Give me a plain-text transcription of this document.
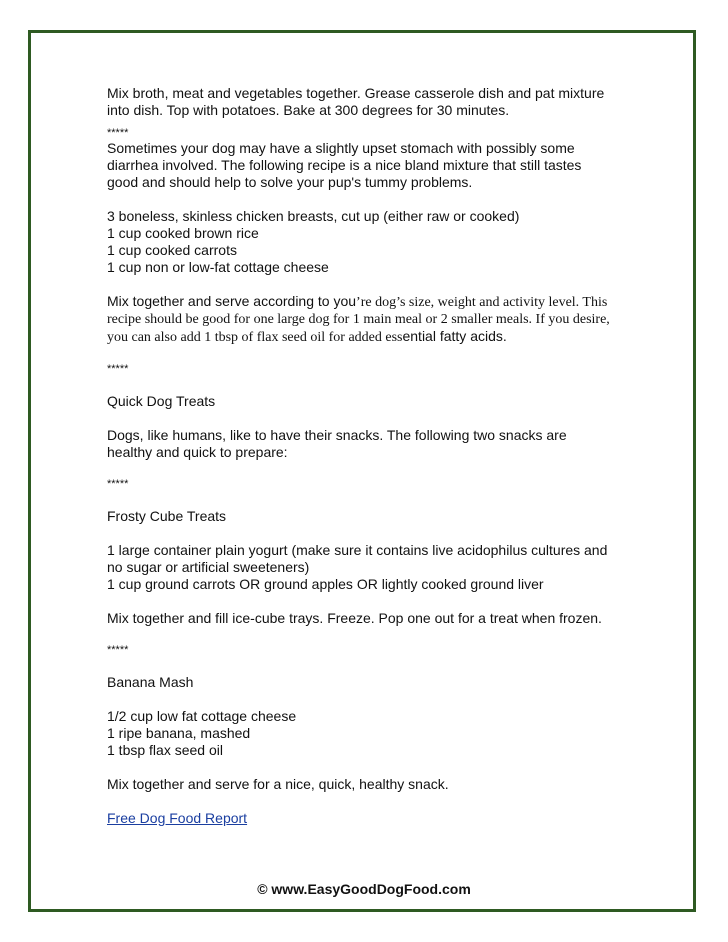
Mix broth, meat and vegetables together. Grease casserole dish and pat mixture

into dish. Top with potatoes. Bake at 300 degrees for 30 minutes.

*****

Sometimes your dog may have a slightly upset stomach with possibly some

diarrhea involved. The following recipe is a nice bland mixture that still tastes

good and should help to solve your pup's tummy problems.

3 boneless, skinless chicken breasts, cut up (either raw or cooked)

1 cup cooked brown rice

1 cup cooked carrots

1 cup non or low-fat cottage cheese

Mix together and serve according to you’re dog’s size, weight and activity level. This

recipe should be good for one large dog for 1 main meal or 2 smaller meals. If you desire,

you can also add 1 tbsp of flax seed oil for added essential fatty acids.

*****

Quick Dog Treats

Dogs, like humans, like to have their snacks. The following two snacks are

healthy and quick to prepare:

*****

Frosty Cube Treats

1 large container plain yogurt (make sure it contains live acidophilus cultures and

no sugar or artificial sweeteners)

1 cup ground carrots OR ground apples OR lightly cooked ground liver

Mix together and fill ice-cube trays. Freeze. Pop one out for a treat when frozen.

*****

Banana Mash

1/2 cup low fat cottage cheese

1 ripe banana, mashed

1 tbsp flax seed oil

Mix together and serve for a nice, quick, healthy snack.

Free Dog Food Report

© www.EasyGoodDogFood.com
